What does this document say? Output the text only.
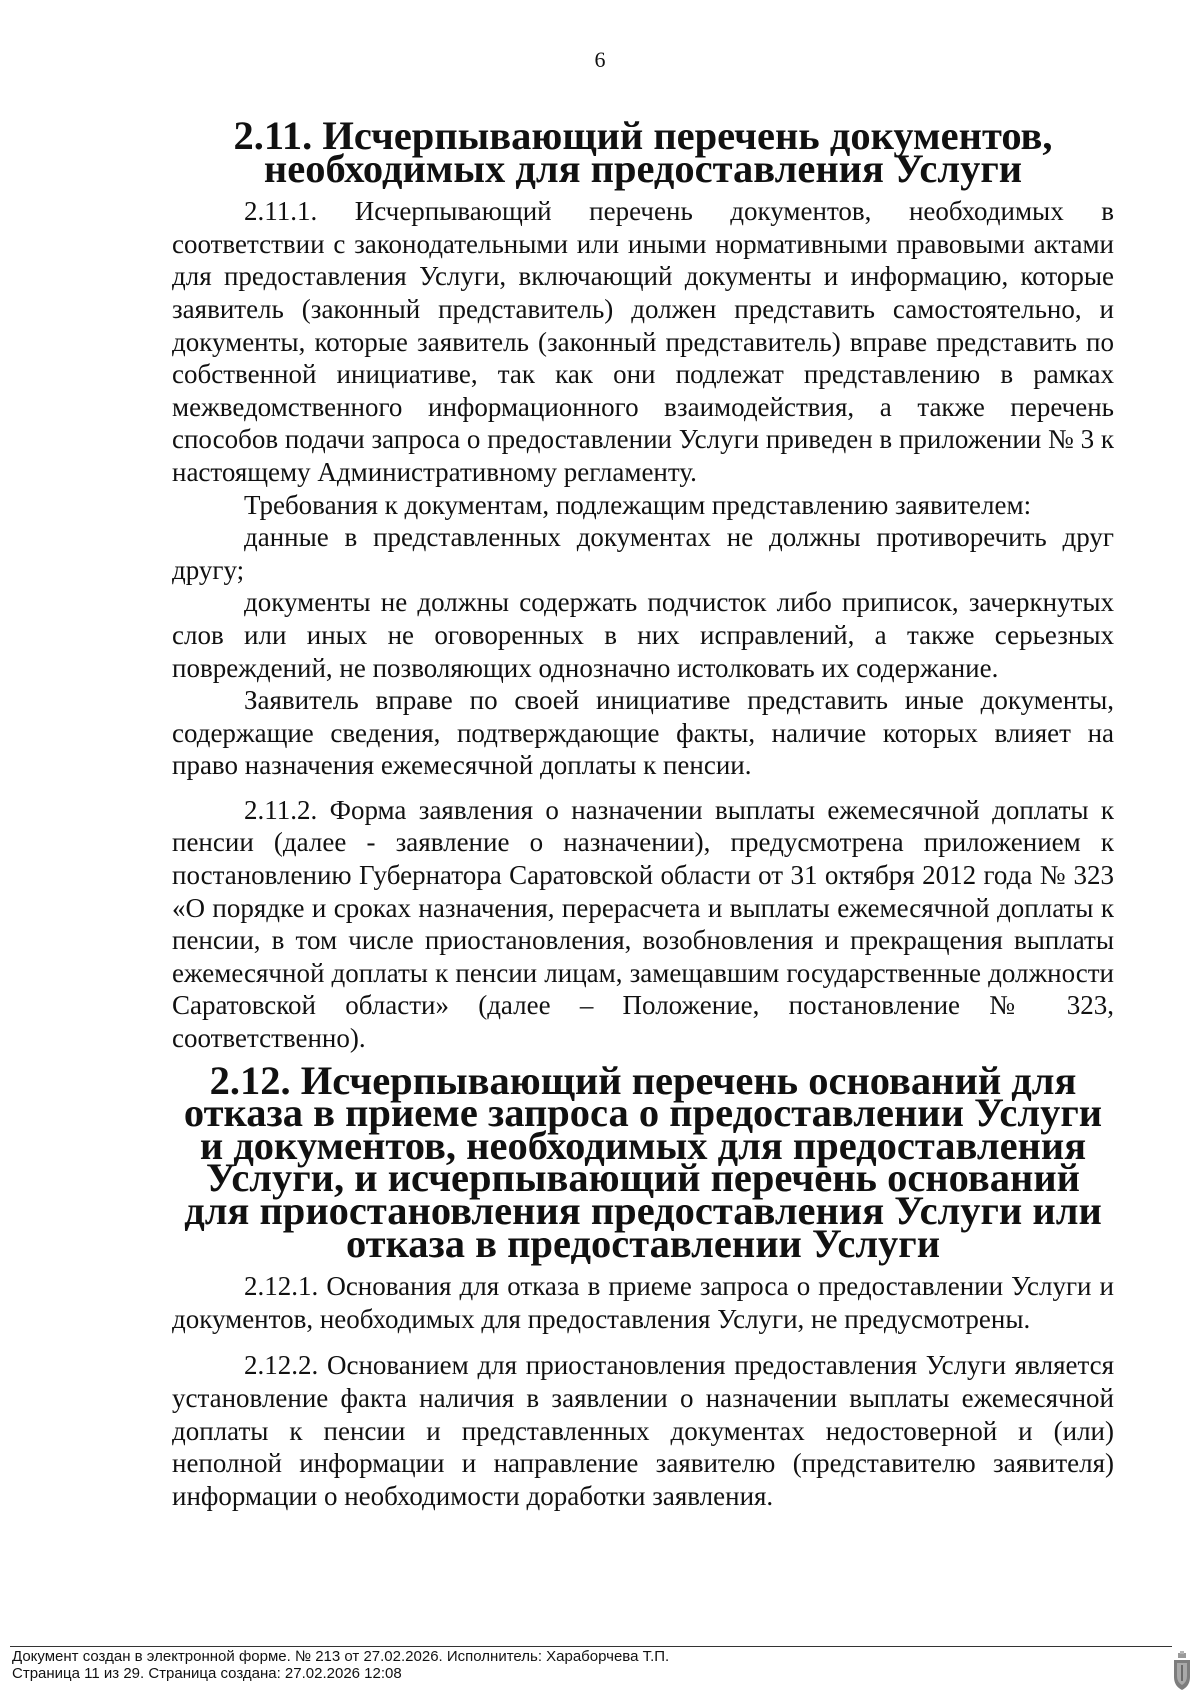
6
2.11. Исчерпывающий перечень документов, необходимых для предоставления Услуги

2.11.1. Исчерпывающий перечень документов, необходимых в соответствии с законодательными или иными нормативными правовыми актами для предоставления Услуги, включающий документы и информацию, которые заявитель (законный представитель) должен представить самостоятельно, и документы, которые заявитель (законный представитель) вправе представить по собственной инициативе, так как они подлежат представлению в рамках межведомственного информационного взаимодействия, а также перечень способов подачи запроса о предоставлении Услуги приведен в приложении № 3 к настоящему Административному регламенту.

Требования к документам, подлежащим представлению заявителем:

данные в представленных документах не должны противоречить друг другу;

документы не должны содержать подчисток либо приписок, зачеркнутых слов или иных не оговоренных в них исправлений, а также серьезных повреждений, не позволяющих однозначно истолковать их содержание.

Заявитель вправе по своей инициативе представить иные документы, содержащие сведения, подтверждающие факты, наличие которых влияет на право назначения ежемесячной доплаты к пенсии.

2.11.2. Форма заявления о назначении выплаты ежемесячной доплаты к пенсии (далее - заявление о назначении), предусмотрена приложением к постановлению Губернатора Саратовской области от 31 октября 2012 года № 323 «О порядке и сроках назначения, перерасчета и выплаты ежемесячной доплаты к пенсии, в том числе приостановления, возобновления и прекращения выплаты ежемесячной доплаты к пенсии лицам, замещавшим государственные должности Саратовской области» (далее – Положение, постановление № 323, соответственно).

2.12. Исчерпывающий перечень оснований для отказа в приеме запроса о предоставлении Услуги и документов, необходимых для предоставления Услуги, и исчерпывающий перечень оснований для приостановления предоставления Услуги или отказа в предоставлении Услуги

2.12.1. Основания для отказа в приеме запроса о предоставлении Услуги и документов, необходимых для предоставления Услуги, не предусмотрены.

2.12.2. Основанием для приостановления предоставления Услуги является установление факта наличия в заявлении о назначении выплаты ежемесячной доплаты к пенсии и представленных документах недостоверной и (или) неполной информации и направление заявителю (представителю заявителя) информации о необходимости доработки заявления.

Документ создан в электронной форме. № 213 от 27.02.2026. Исполнитель: Хараборчева Т.П.
Страница 11 из 29. Страница создана: 27.02.2026 12:08
